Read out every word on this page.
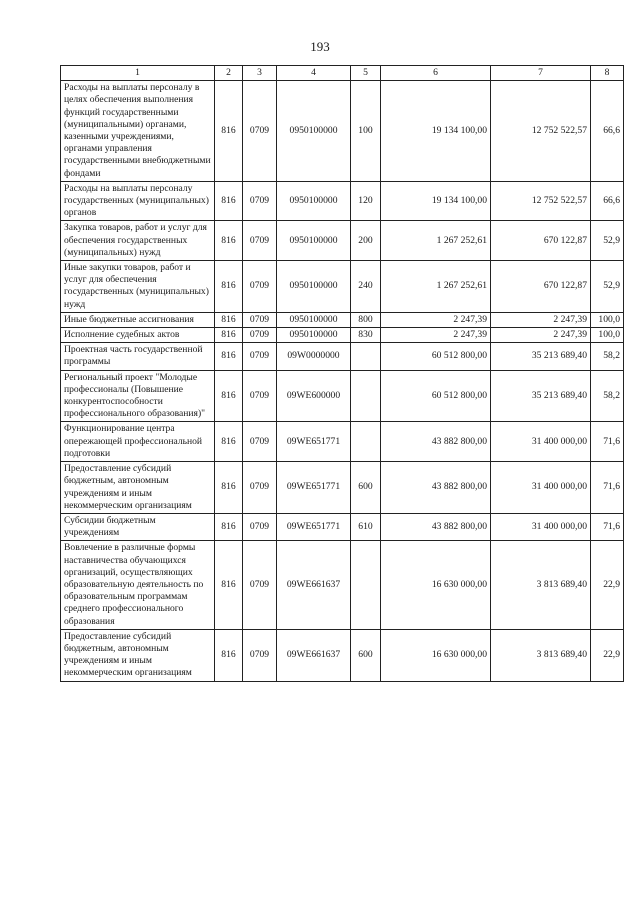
193
1	2	3	4	5	6	7	8
Расходы на выплаты персоналу в целях обеспечения выполнения функций государственными (муниципальными) органами, казенными учреждениями, органами управления государственными внебюджетными фондами	816	0709	0950100000	100	19 134 100,00	12 752 522,57	66,6
Расходы на выплаты персоналу государственных (муниципальных) органов	816	0709	0950100000	120	19 134 100,00	12 752 522,57	66,6
Закупка товаров, работ и услуг для обеспечения государственных (муниципальных) нужд	816	0709	0950100000	200	1 267 252,61	670 122,87	52,9
Иные закупки товаров, работ и услуг для обеспечения государственных (муниципальных) нужд	816	0709	0950100000	240	1 267 252,61	670 122,87	52,9
Иные бюджетные ассигнования	816	0709	0950100000	800	2 247,39	2 247,39	100,0
Исполнение судебных актов	816	0709	0950100000	830	2 247,39	2 247,39	100,0
Проектная часть государственной программы	816	0709	09W0000000		60 512 800,00	35 213 689,40	58,2
Региональный проект "Молодые профессионалы (Повышение конкурентоспособности профессионального образования)"	816	0709	09WE600000		60 512 800,00	35 213 689,40	58,2
Функционирование центра опережающей профессиональной подготовки	816	0709	09WE651771		43 882 800,00	31 400 000,00	71,6
Предоставление субсидий бюджетным, автономным учреждениям и иным некоммерческим организациям	816	0709	09WE651771	600	43 882 800,00	31 400 000,00	71,6
Субсидии бюджетным учреждениям	816	0709	09WE651771	610	43 882 800,00	31 400 000,00	71,6
Вовлечение в различные формы наставничества обучающихся организаций, осуществляющих образовательную деятельность по образовательным программам среднего профессионального образования	816	0709	09WE661637		16 630 000,00	3 813 689,40	22,9
Предоставление субсидий бюджетным, автономным учреждениям и иным некоммерческим организациям	816	0709	09WE661637	600	16 630 000,00	3 813 689,40	22,9
